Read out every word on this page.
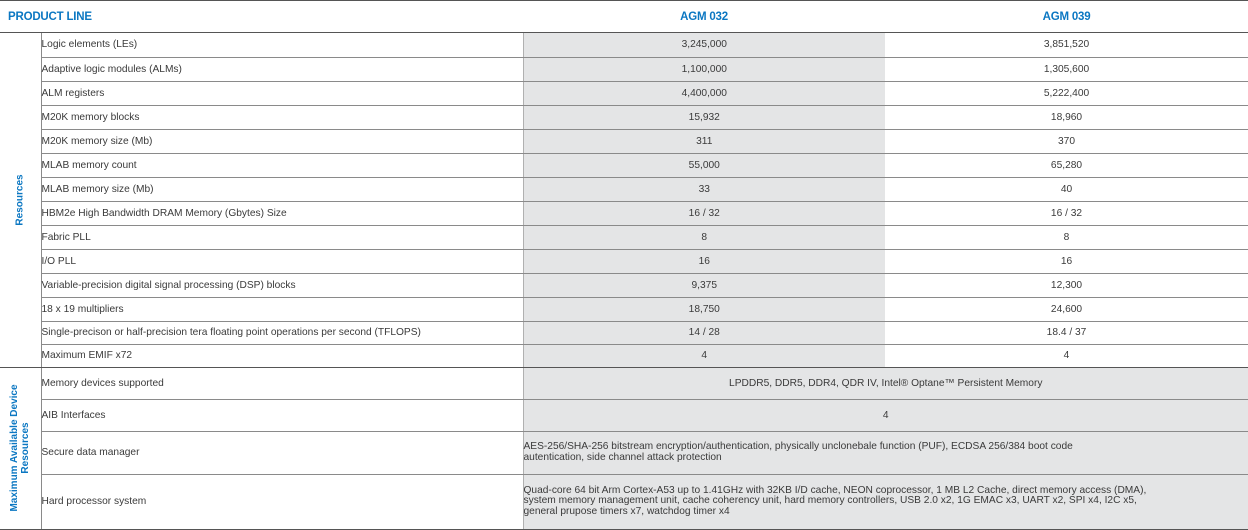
PRODUCT LINE	AGM 032	AGM 039
Resources	Logic elements (LEs)	3,245,000	3,851,520
	Adaptive logic modules (ALMs)	1,100,000	1,305,600
	ALM registers	4,400,000	5,222,400
	M20K memory blocks	15,932	18,960
	M20K memory size (Mb)	311	370
	MLAB memory count	55,000	65,280
	MLAB memory size (Mb)	33	40
	HBM2e High Bandwidth DRAM Memory (Gbytes) Size	16 / 32	16 / 32
	Fabric PLL	8	8
	I/O PLL	16	16
	Variable-precision digital signal processing (DSP) blocks	9,375	12,300
	18 x 19 multipliers	18,750	24,600
	Single-precison or half-precision tera floating point operations per second (TFLOPS)	14 / 28	18.4 / 37
	Maximum EMIF x72	4	4

Maximum Available Device
Resources	Memory devices supported	LPDDR5, DDR5, DDR4, QDR IV, Intel® Optane™ Persistent Memory	
	AIB Interfaces	4	
	Secure data manager	AES-256/SHA-256 bitstream encryption/authentication, physically unclonebale function (PUF), ECDSA 256/384 boot code
autentication, side channel attack protection	
	Hard processor system	Quad-core 64 bit Arm Cortex-A53 up to 1.41GHz with 32KB I/D cache, NEON coprocessor, 1 MB L2 Cache, direct memory access (DMA),
system memory management unit, cache coherency unit, hard memory controllers, USB 2.0 x2, 1G EMAC x3, UART x2, SPI x4, I2C x5,
general prupose timers x7, watchdog timer x4	
